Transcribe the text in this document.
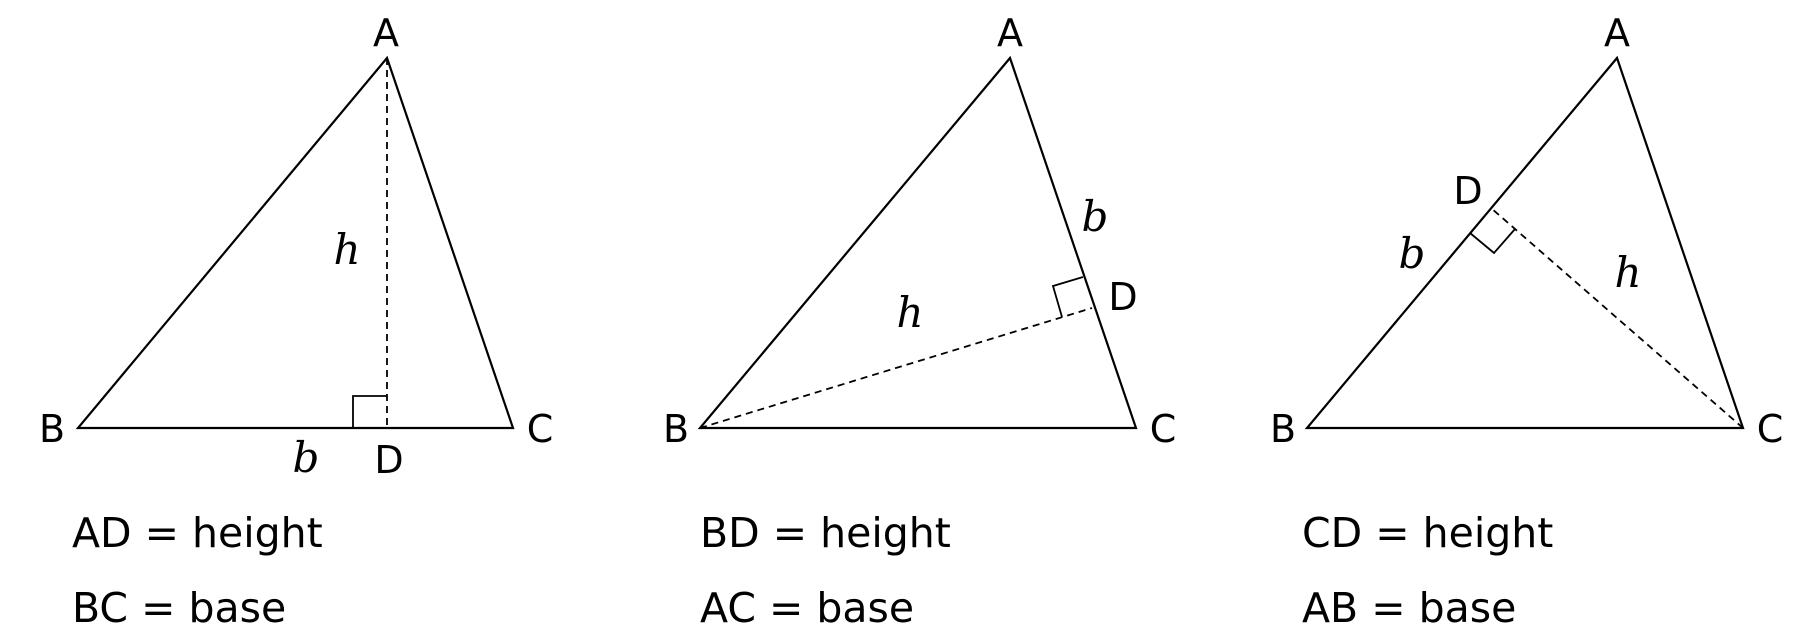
A
B	C
D
h
b
AD = height
BC = base
A
B	C
D
h
b
BD = height
AC = base
A
B	C
D
h
b
CD = height
AB = base
